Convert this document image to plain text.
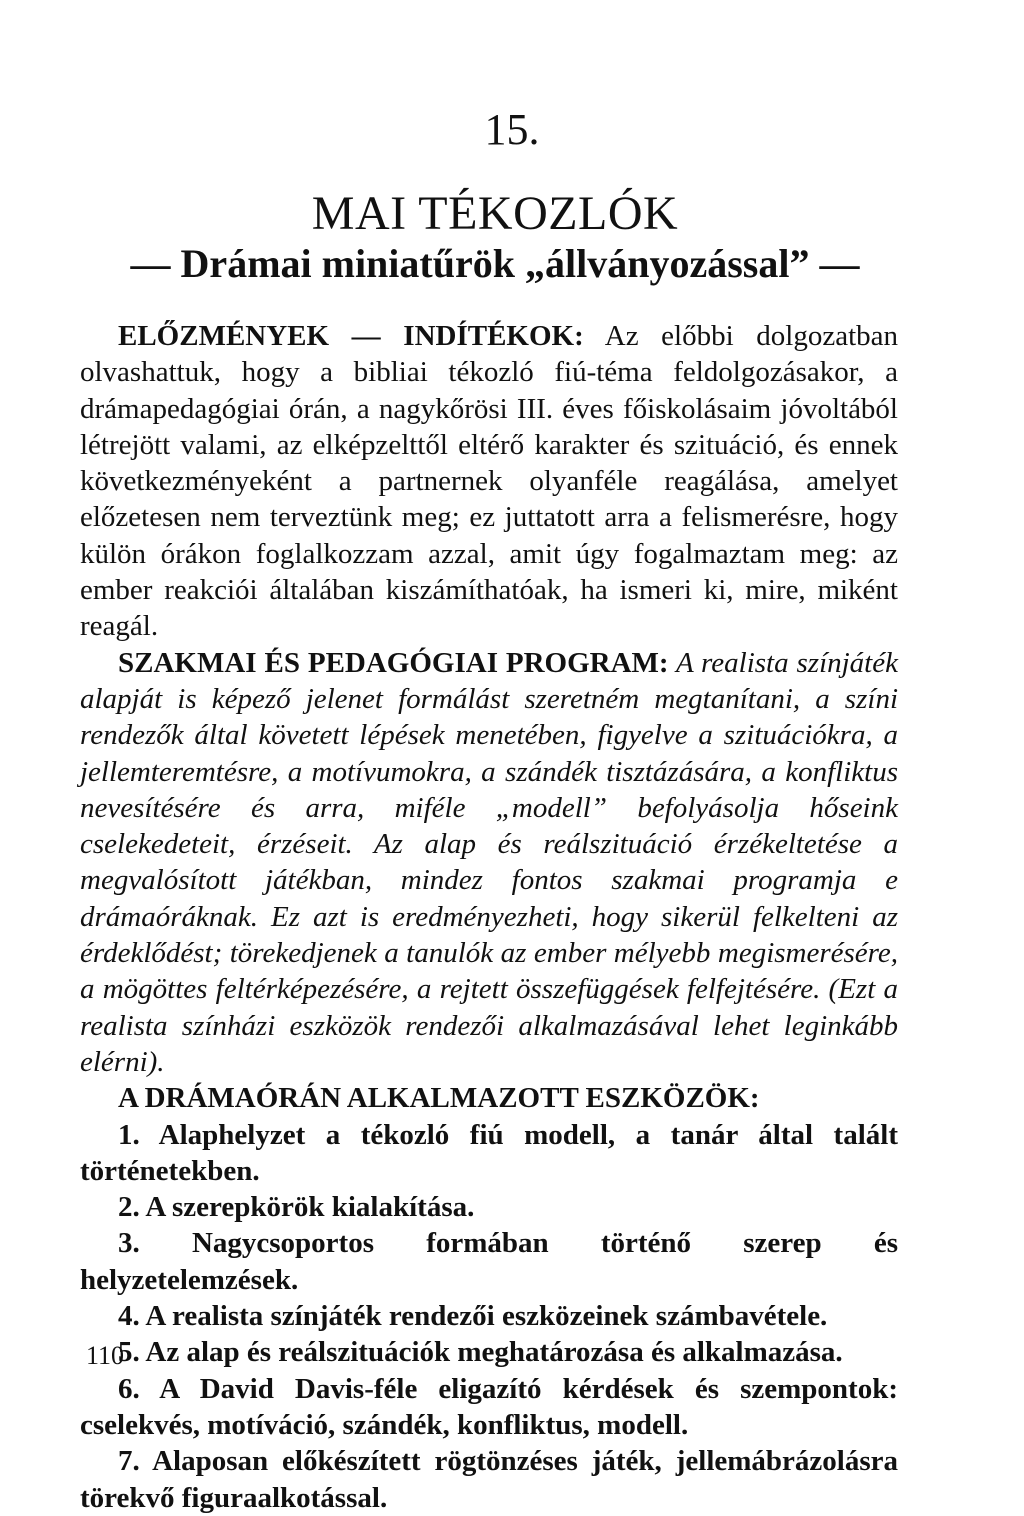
15.
MAI TÉKOZLÓK
— Drámai miniatűrök „állványozással” —

ELŐZMÉNYEK — INDÍTÉKOK: Az előbbi dolgozatban olvashattuk, hogy a bibliai tékozló fiú-téma feldolgozásakor, a drámapedagógiai órán, a nagykőrösi III. éves főiskolásaim jóvoltából létrejött valami, az elképzelttől eltérő karakter és szituáció, és ennek következményeként a partnernek olyanféle reagálása, amelyet előzetesen nem terveztünk meg; ez juttatott arra a felismerésre, hogy külön órákon foglalkozzam azzal, amit úgy fogalmaztam meg: az ember reakciói általában kiszámíthatóak, ha ismeri ki, mire, miként reagál.

SZAKMAI ÉS PEDAGÓGIAI PROGRAM: A realista színjáték alapját is képező jelenet formálást szeretném megtanítani, a színi rendezők által követett lépések menetében, figyelve a szituációkra, a jellemteremtésre, a motívumokra, a szándék tisztázására, a konfliktus nevesítésére és arra, miféle „modell” befolyásolja hőseink cselekedeteit, érzéseit. Az alap és reálszituáció érzékeltetése a megvalósított játékban, mindez fontos szakmai programja e drámaóráknak. Ez azt is eredményezheti, hogy sikerül felkelteni az érdeklődést; törekedjenek a tanulók az ember mélyebb megismerésére, a mögöttes feltérképezésére, a rejtett összefüggések felfejtésére. (Ezt a realista színházi eszközök rendezői alkalmazásával lehet leginkább elérni).

A DRÁMAÓRÁN ALKALMAZOTT ESZKÖZÖK:

1. Alaphelyzet a tékozló fiú modell, a tanár által talált történetekben.

2. A szerepkörök kialakítása.

3. Nagycsoportos formában történő szerep és helyzetelemzések.

4. A realista színjáték rendezői eszközeinek számbavétele.

5. Az alap és reálszituációk meghatározása és alkalmazása.

6. A David Davis-féle eligazító kérdések és szempontok: cselekvés, motíváció, szándék, konfliktus, modell.

7. Alaposan előkészített rögtönzéses játék, jellemábrázolásra törekvő figuraalkotással.

110
